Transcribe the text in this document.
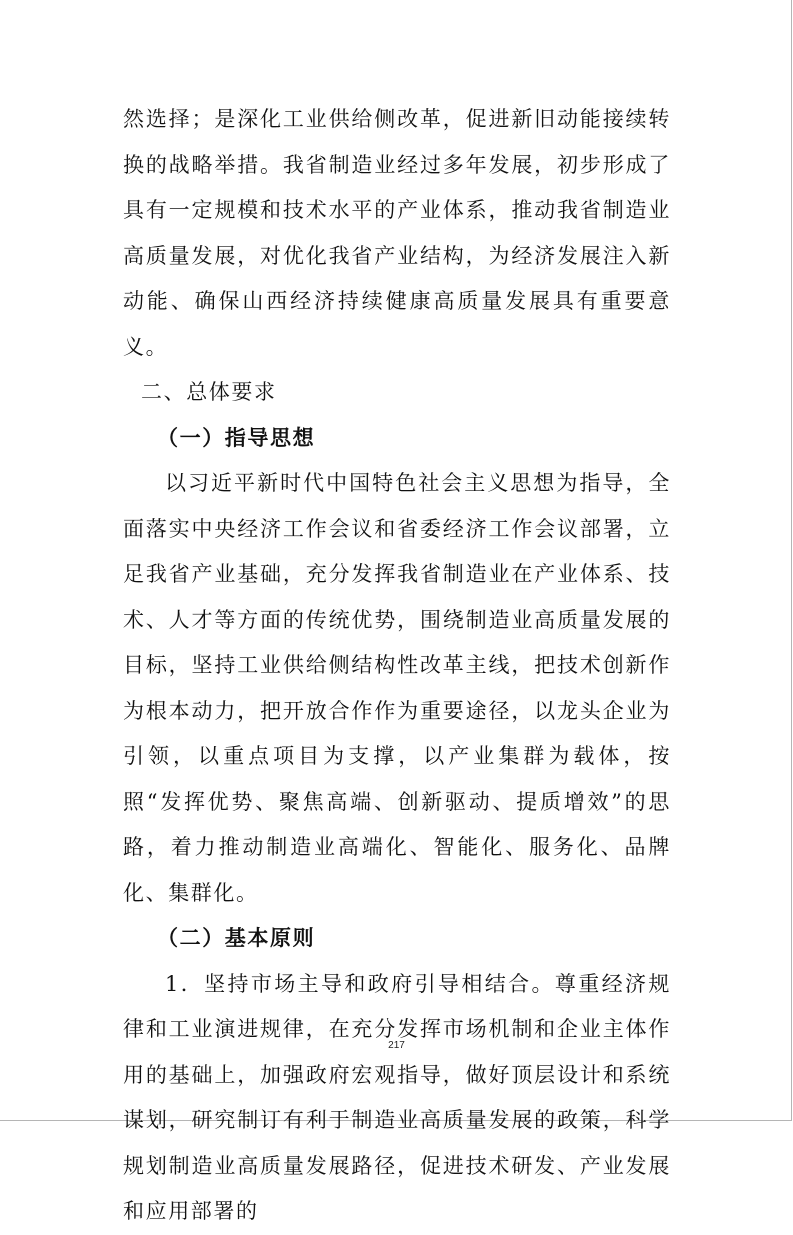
然选择；是深化工业供给侧改革，促进新旧动能接续转换的战略举措。我省制造业经过多年发展，初步形成了具有一定规模和技术水平的产业体系，推动我省制造业高质量发展，对优化我省产业结构，为经济发展注入新动能、确保山西经济持续健康高质量发展具有重要意义。

二、总体要求

（一）指导思想

以习近平新时代中国特色社会主义思想为指导，全面落实中央经济工作会议和省委经济工作会议部署，立足我省产业基础，充分发挥我省制造业在产业体系、技术、人才等方面的传统优势，围绕制造业高质量发展的目标，坚持工业供给侧结构性改革主线，把技术创新作为根本动力，把开放合作作为重要途径，以龙头企业为引领，以重点项目为支撑，以产业集群为载体，按照“发挥优势、聚焦高端、创新驱动、提质增效”的思路，着力推动制造业高端化、智能化、服务化、品牌化、集群化。

（二）基本原则

1．坚持市场主导和政府引导相结合。尊重经济规律和工业演进规律，在充分发挥市场机制和企业主体作用的基础上，加强政府宏观指导，做好顶层设计和系统谋划，研究制订有利于制造业高质量发展的政策，科学规划制造业高质量发展路径，促进技术研发、产业发展和应用部署的

217
